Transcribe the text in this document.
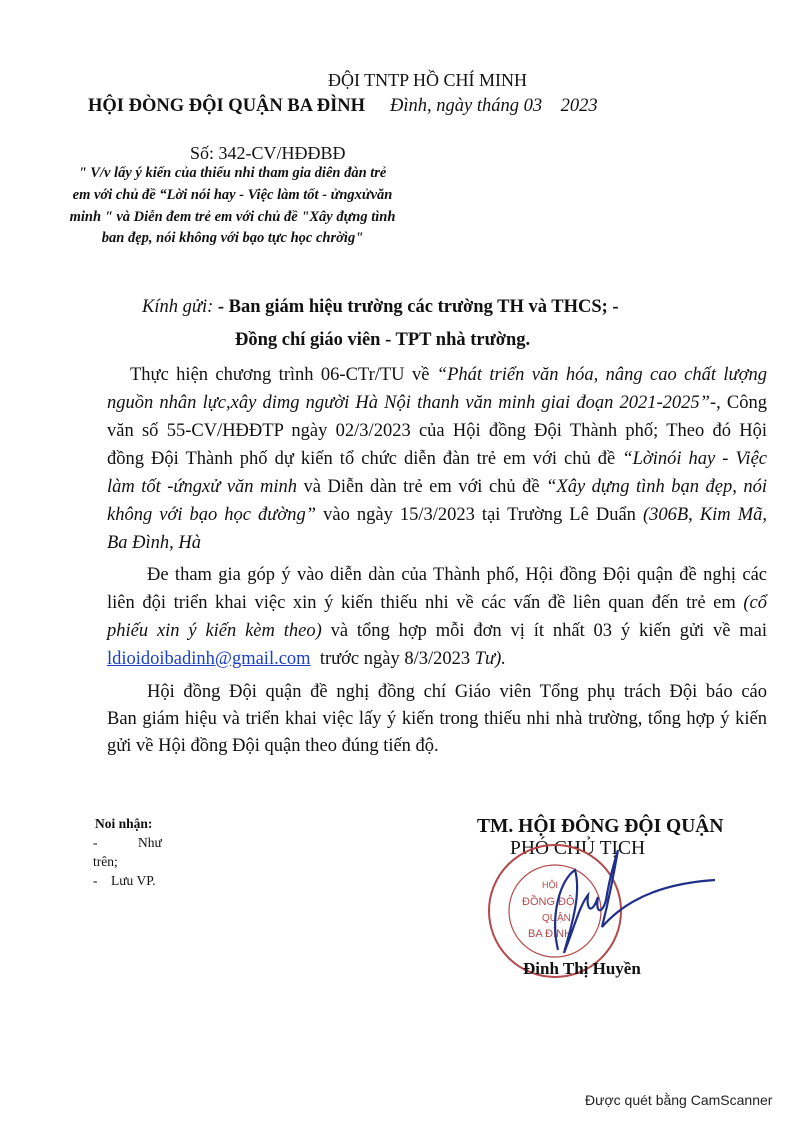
ĐỘI TNTP HỒ CHÍ MINH
HỘI ĐÒNG ĐỘI QUẬN BA ĐÌNH Đình, ngày tháng 03    2023
Số: 342-CV/HĐĐBĐ
" V/v lấy ý kiến của thiếu nhi tham gia diên đàn trẻ
em với chủ đề “Lời nói hay - Việc làm tốt - ửngxửvăn
minh " và Diễn đem trẻ em với chủ đề "Xây đựng tình
ban đẹp, nói không với bạo tực học chrờìg"
Kính gửi: - Ban giám hiệu trường các trường TH và THCS; -
Đồng chí giáo viên - TPT nhà trường.
Thực hiện chương trình 06-CTr/TU về “Phát triển văn hóa, nâng cao chất lượng
nguồn nhân lực,xây dimg người Hà Nội thanh văn minh giai đoạn 2021-2025”-, Công
văn số 55-CV/HĐĐTP ngày 02/3/2023 của Hội đồng Đội Thành phố; Theo đó Hội
đồng Đội Thành phố dự kiến tổ chức diễn đàn trẻ em với chủ đề “Lờinói hay - Việc
làm tốt -ứngxử văn minh và Diễn dàn trẻ em với chủ đề “Xây dựng tình bạn đẹp, nói
không với bạo học đường” vào ngày 15/3/2023 tại Trường Lê Duẩn (306B, Kim Mã,
Ba Đình, Hà
Đe tham gia góp ý vào diễn dàn của Thành phố, Hội đồng Đội quận đề nghị các
liên đội triển khai việc xin ý kiến thiếu nhi về các vấn đề liên quan đến trẻ em (cổ
phiếu xin ý kiến kèm theo) và tổng hợp mỗi đơn vị ít nhất 03 ý kiến gửi về mai
ldioidoibadinh@gmail.com  trước ngày 8/3/2023 Tư).
Hội đồng Đội quận đề nghị đồng chí Giáo viên Tổng phụ trách Đội báo cáo
Ban giám hiệu và triển khai việc lấy ý kiến trong thiếu nhi nhà trường, tổng hợp ý kiến
gửi về Hội đồng Đội quận theo đúng tiến độ.
Noi nhận:
-            Như
trên;
-    Lưu VP.
TM. HỘI ĐÔNG ĐỘI QUẬN
PHÓ CHỦ TỊCH
HỘI
ĐỒNG ĐỘI
QUẬN
BA ĐÌNH
Đinh Thị Huyền
Được quét bằng CamScanner
